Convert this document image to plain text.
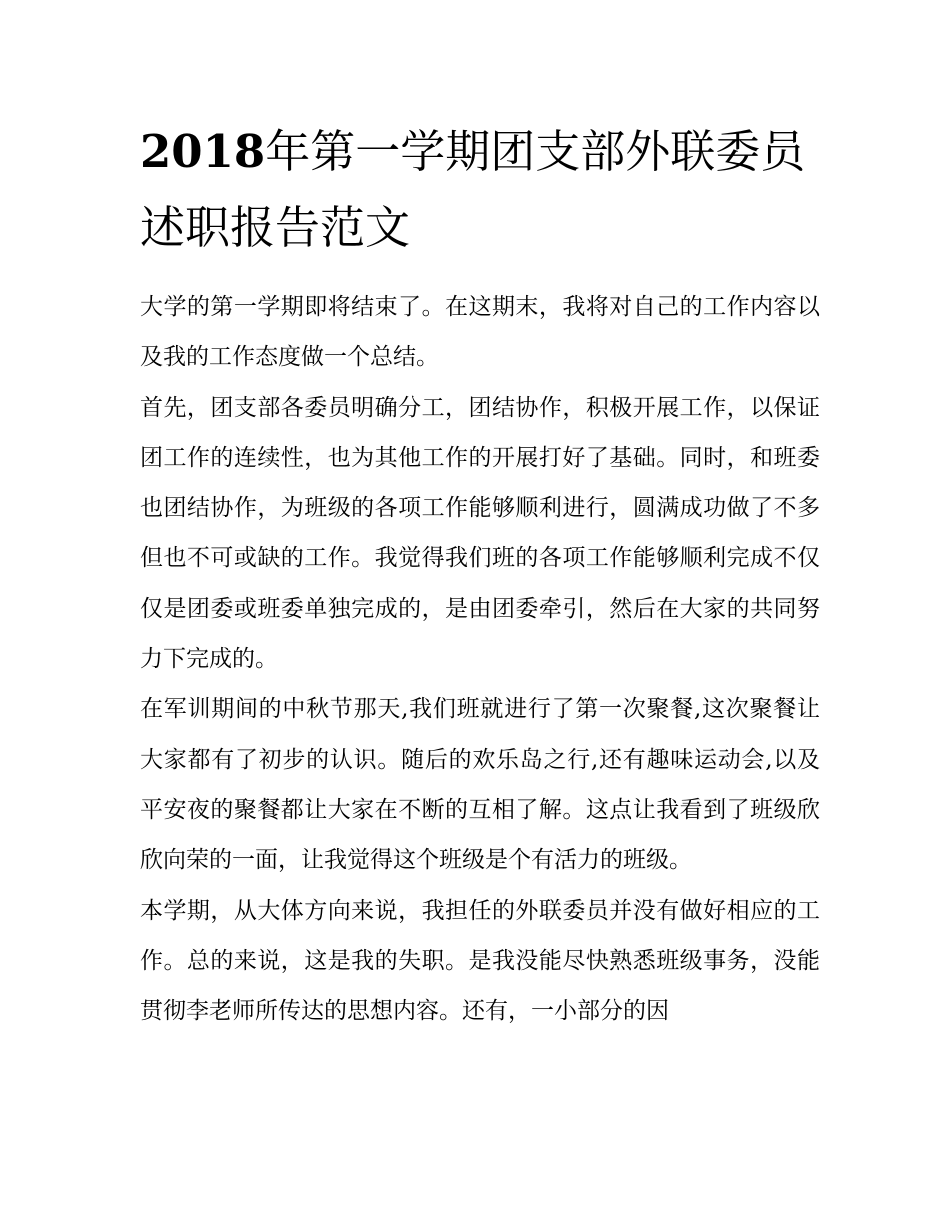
2018年第一学期团支部外联委员述职报告范文

大学的第一学期即将结束了。在这期末，我将对自己的工作内容以及我的工作态度做一个总结。

首先，团支部各委员明确分工，团结协作，积极开展工作，以保证团工作的连续性，也为其他工作的开展打好了基础。同时，和班委也团结协作，为班级的各项工作能够顺利进行，圆满成功做了不多但也不可或缺的工作。我觉得我们班的各项工作能够顺利完成不仅仅是团委或班委单独完成的，是由团委牵引，然后在大家的共同努力下完成的。

在军训期间的中秋节那天,我们班就进行了第一次聚餐,这次聚餐让大家都有了初步的认识。随后的欢乐岛之行,还有趣味运动会,以及平安夜的聚餐都让大家在不断的互相了解。这点让我看到了班级欣欣向荣的一面，让我觉得这个班级是个有活力的班级。

本学期，从大体方向来说，我担任的外联委员并没有做好相应的工作。总的来说，这是我的失职。是我没能尽快熟悉班级事务，没能贯彻李老师所传达的思想内容。还有，一小部分的因
